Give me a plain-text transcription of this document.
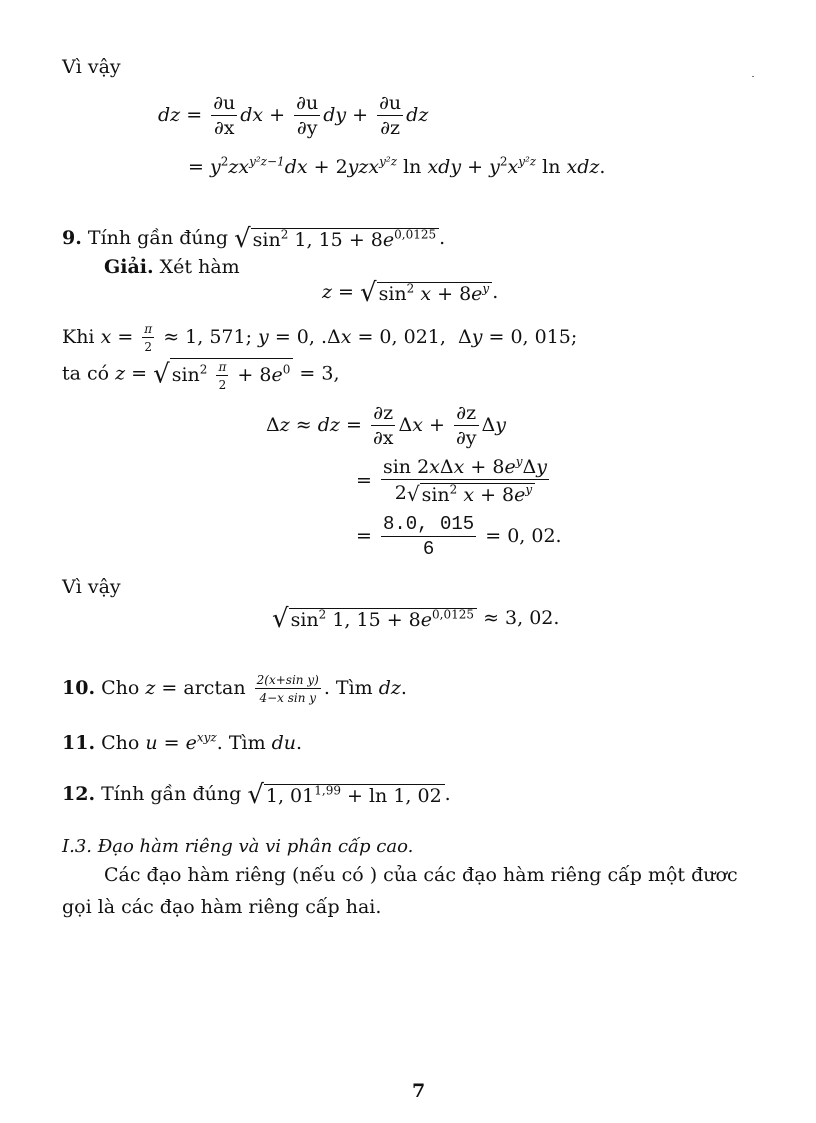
Vì vậy
dz = $\frac{\partial u}{\partial x}$ dx + $\frac{\partial u}{\partial y}$ dy + $\frac{\partial u}{\partial z}$ dz
= $y^2zx^{y^2z-1}dx + 2yzx^{y^2z}$ ln xdy + $y^2x^{y^2z}$ ln xdz.
9. Tính gần đúng √ $\sin^2 1$, $15 + 8e^{0,0125}$ .
Giải. Xét hàm
z = √ $\sin^2 x + 8e^y$ .
Khi $x = \frac{\pi}{2} \approx 1$, 571; y = 0, .Δx = 0, 021,  Δy = 0, 015;
ta có z = √ $\sin^2 \frac{\pi}{2} + 8e^0 = 3$,
Δz ≈ dz = $\frac{\partial z}{\partial x}$ $\Delta x + \frac{\partial z}{\partial y}$ Δy
= $\frac{\sin 2x\Delta x + 8e^y\Delta y}{2√ \sin^2 x + 8e^y}$
= $\frac{8.0, 015}{6} = 0$, 02.
Vì vậy
√ $\sin^2 1$, $15 + 8e^{0,0125} \approx 3$, 02.
10. Cho $z = \arctan \frac{\text{2(x+sin y)}}{\text{4−x sin y}}$ . Tìm dz.
11. Cho $u = e^{xyz}$. Tìm du.
12. Tính gần đúng √ 1, $01^{1,99} + \ln 1$, 02 .
I.3. Đạo hàm riêng và vi phân cấp cao.
Các đạo hàm riêng (nếu có ) của các đạo hàm riêng cấp một đươc
gọi là các đạo hàm riêng cấp hai.
7
